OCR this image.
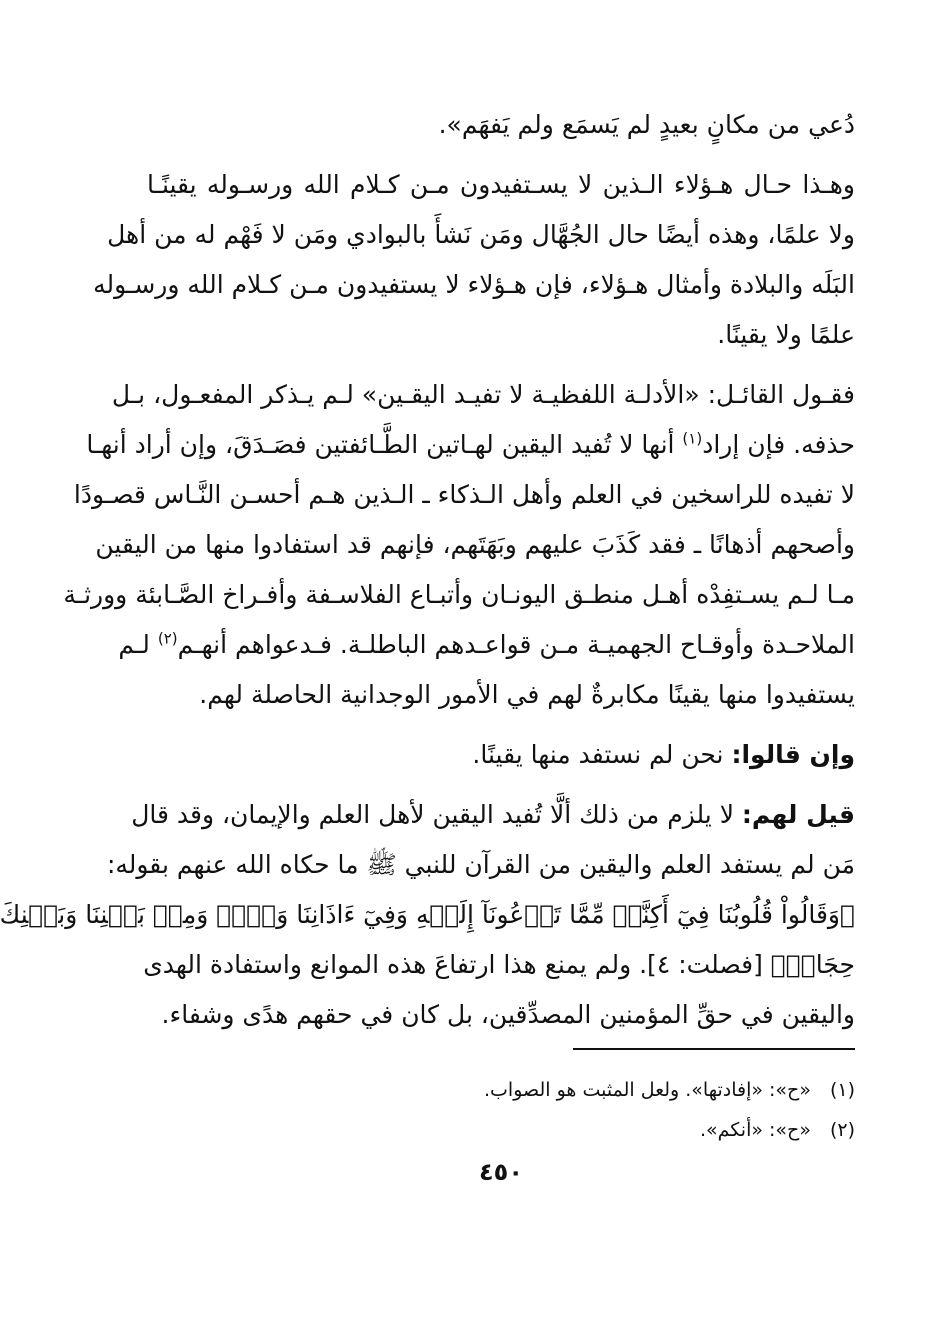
دُعي من مكانٍ بعيدٍ لم يَسمَع ولم يَفهَم».
وهـذا حـال هـؤلاء الـذين لا يسـتفيدون مـن كـلام الله ورسـوله يقينًـا
ولا علمًا، وهذه أيضًا حال الجُهَّال ومَن نَشأَ بالبوادي ومَن لا فَهْم له من أهل
البَلَه والبلادة وأمثال هـؤلاء، فإن هـؤلاء لا يستفيدون مـن كـلام الله ورسـوله
علمًا ولا يقينًا.
فقـول القائـل: «الأدلـة اللفظيـة لا تفيـد اليقـين» لـم يـذكر المفعـول، بـل
حذفه. فإن إراد$^{(١)}$ أنها لا تُفيد اليقين لهـاتين الطَّـائفتين فصَـدَقَ، وإن أراد أنهـا
لا تفيده للراسخين في العلم وأهل الـذكاء ـ الـذين هـم أحسـن النَّـاس قصـودًا
وأصحهم أذهانًا ـ فقد كَذَبَ عليهم وبَهَتَهم، فإنهم قد استفادوا منها من اليقين
مـا لـم يسـتفِدْه أهـل منطـق اليونـان وأتبـاع الفلاسـفة وأفـراخ الصَّـابئة وورثـة
الملاحـدة وأوقـاح الجهميـة مـن قواعـدهم الباطلـة. فـدعواهم أنهـم$^{(٢)}$ لـم
يستفيدوا منها يقينًا مكابرةٌ لهم في الأمور الوجدانية الحاصلة لهم.
وإن قالوا: نحن لم نستفد منها يقينًا.
قيل لهم: لا يلزم من ذلك ألَّا تُفيد اليقين لأهل العلم والإيمان، وقد قال
مَن لم يستفد العلم واليقين من القرآن للنبي ﷺ ما حكاه الله عنهم بقوله:
﴿وَقَالُواْ قُلُوبُنَا فِيٓ أَكِنَّةٖ مِّمَّا تَدۡعُونَآ إِلَيۡهِ وَفِيٓ ءَاذَانِنَا وَقۡرٞ وَمِنۢ بَيۡنِنَا وَبَيۡنِكَ
حِجَابٞ﴾ [فصلت: ٤]. ولم يمنع هذا ارتفاعَ هذه الموانع واستفادة الهدى
واليقين في حقِّ المؤمنين المصدِّقين، بل كان في حقهم هدًى وشفاء.
(١) «ح»: «إفادتها». ولعل المثبت هو الصواب.
(٢) «ح»: «أنكم».
٤٥٠
